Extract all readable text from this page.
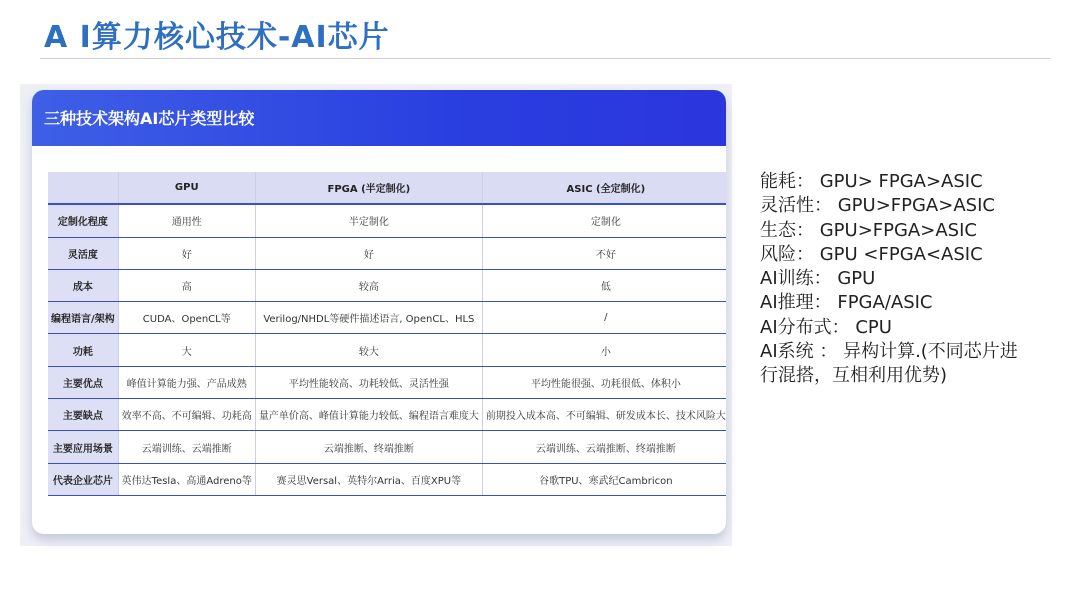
A I算力核心技术-AI芯片
三种技术架构AI芯片类型比较
	GPU	FPGA (半定制化)	ASIC (全定制化)
定制化程度	通用性	半定制化	定制化
灵活度	好	好	不好
成本	高	较高	低
编程语言/架构	CUDA、OpenCL等	Verilog/NHDL等硬件描述语言, OpenCL、HLS	/
功耗	大	较大	小
主要优点	峰值计算能力强、产品成熟	平均性能较高、功耗较低、灵活性强	平均性能很强、功耗很低、体积小
主要缺点	效率不高、不可编辑、功耗高	量产单价高、峰值计算能力较低、编程语言难度大	前期投入成本高、不可编辑、研发成本长、技术风险大
主要应用场景	云端训练、云端推断	云端推断、终端推断	云端训练、云端推断、终端推断
代表企业芯片	英伟达Tesla、高通Adreno等	赛灵思Versal、英特尔Arria、百度XPU等	谷歌TPU、寒武纪Cambricon
能耗： GPU> FPGA>ASIC
灵活性： GPU>FPGA>ASIC
生态： GPU>FPGA>ASIC
风险： GPU <FPGA<ASIC
AI训练： GPU
AI推理： FPGA/ASIC
AI分布式： CPU
AI系统 ： 异构计算.(不同芯片进
行混搭，互相利用优势)
